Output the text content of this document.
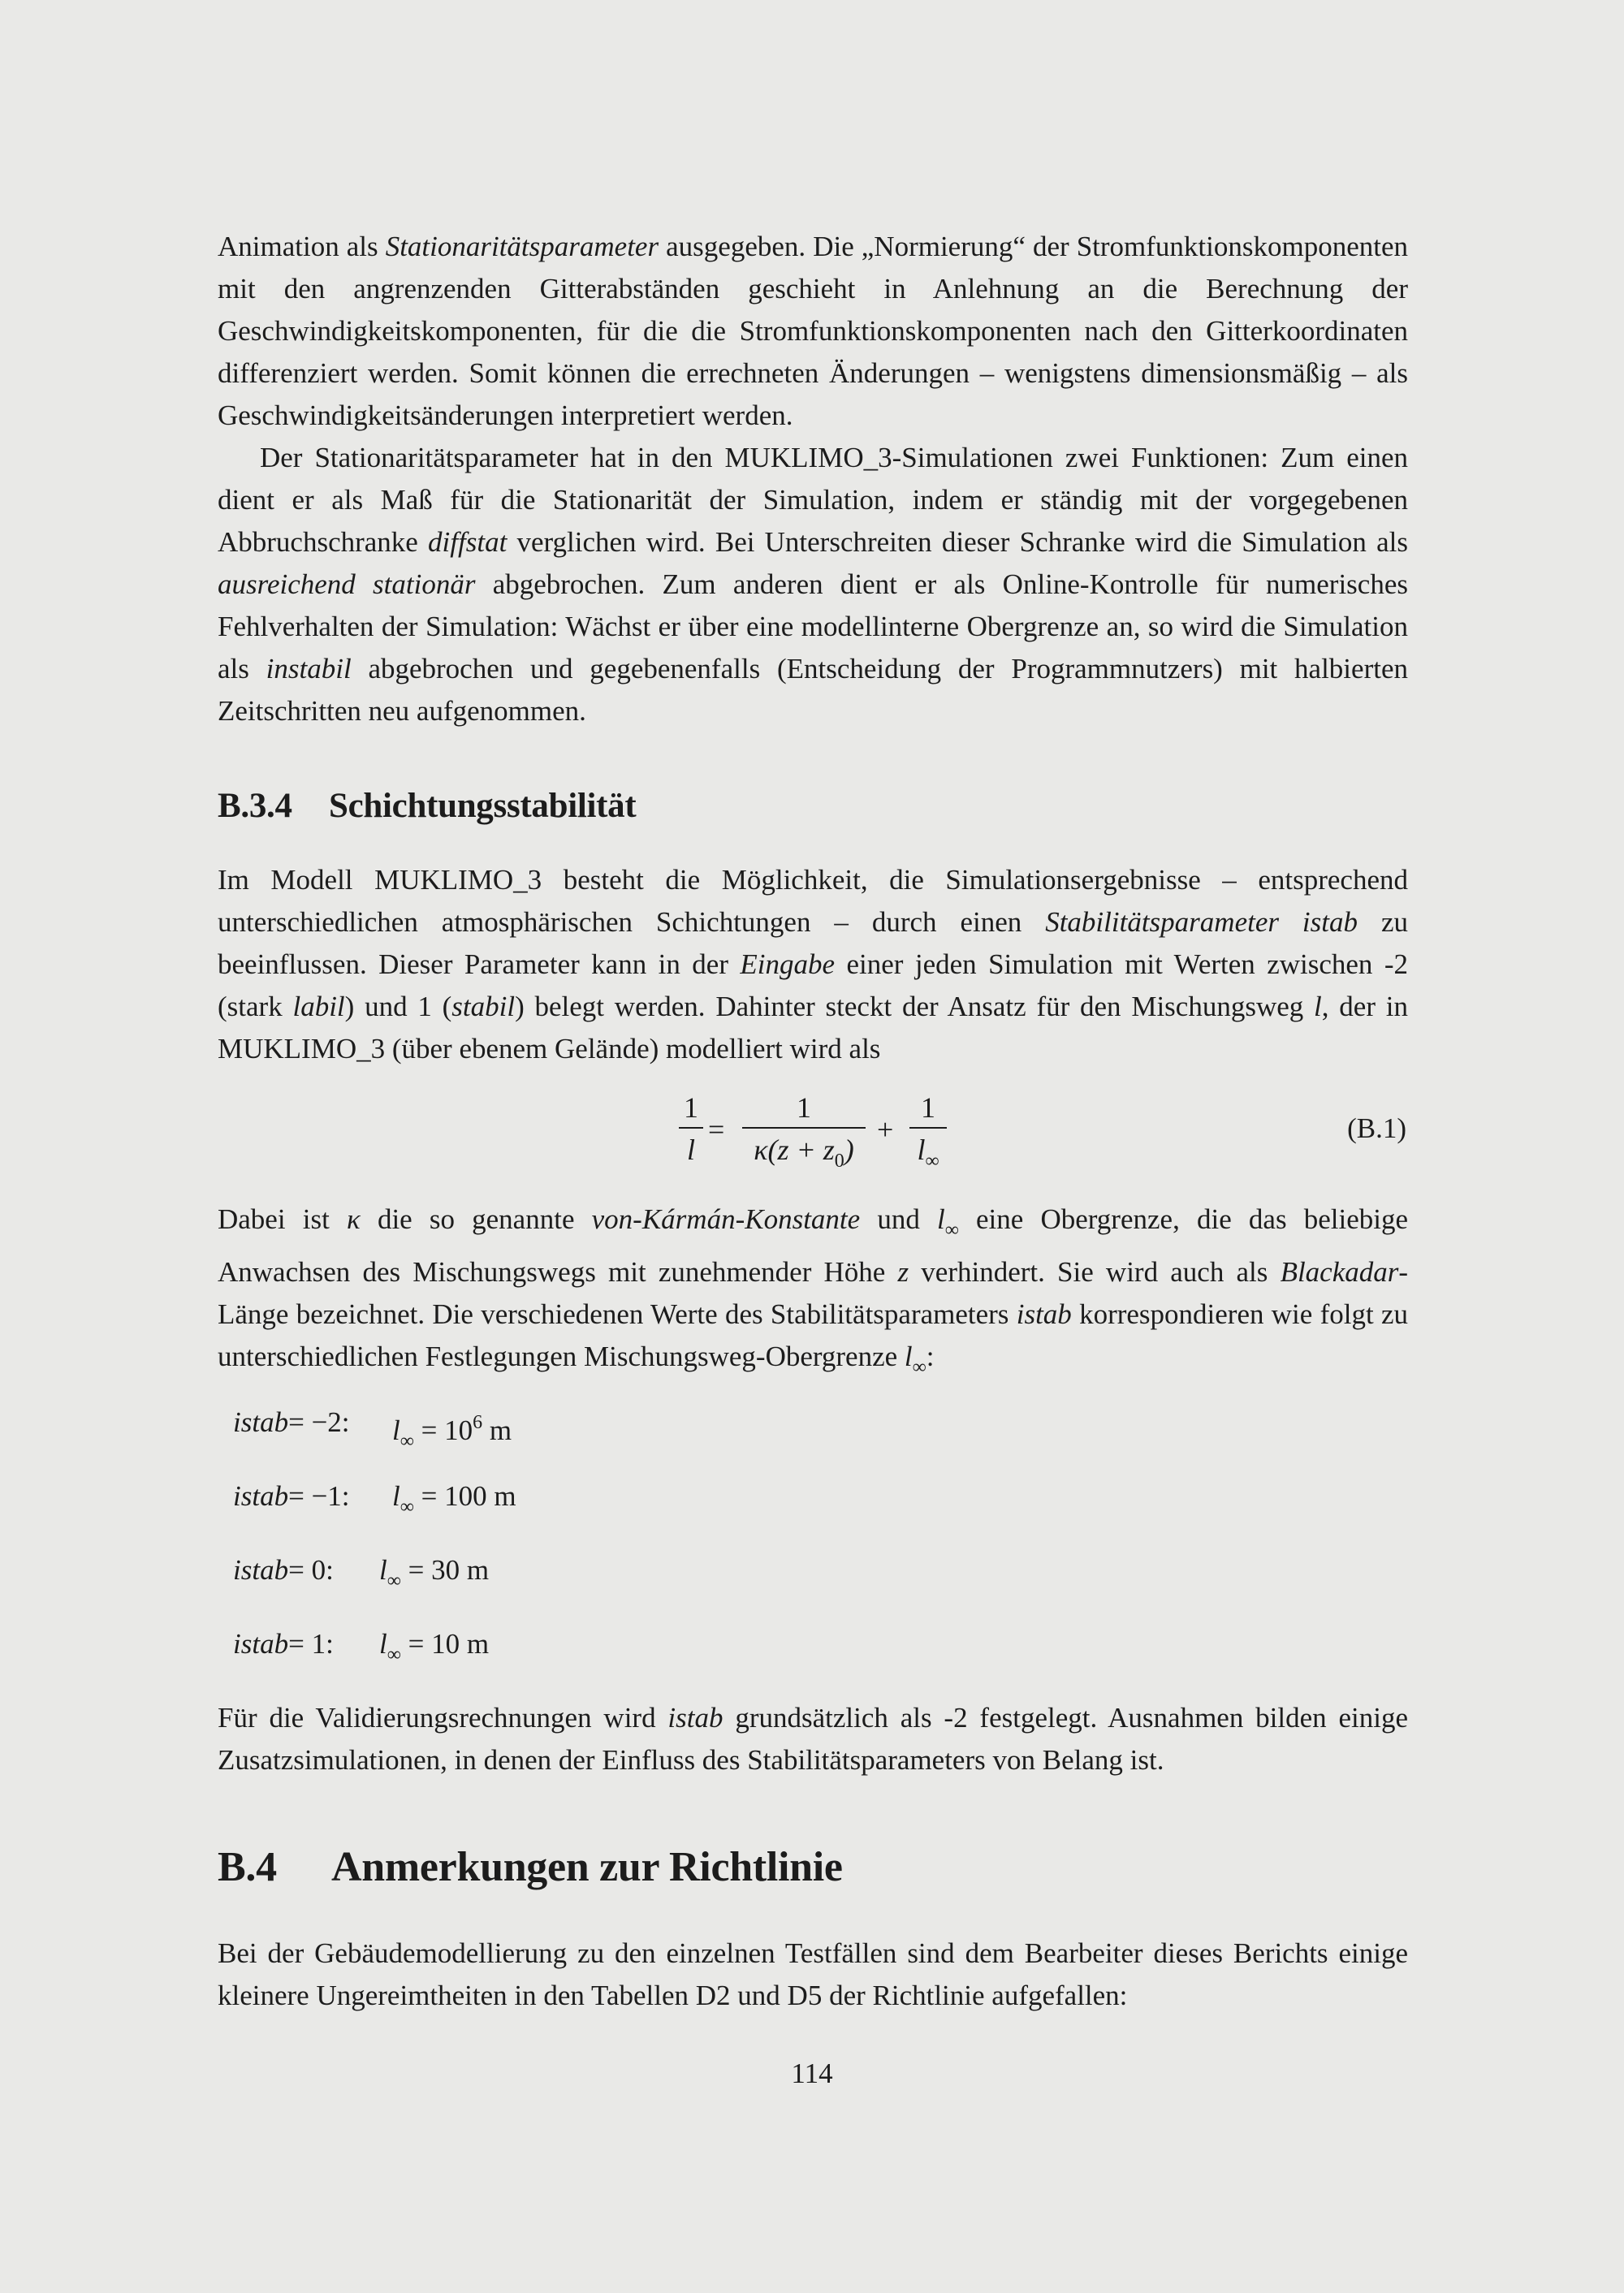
Animation als Stationaritätsparameter ausgegeben. Die „Normierung“ der Stromfunktionskomponenten mit den angrenzenden Gitterabständen geschieht in Anlehnung an die Berechnung der Geschwindigkeitskomponenten, für die die Stromfunktionskomponenten nach den Gitterkoordinaten differenziert werden. Somit können die errechneten Änderungen – wenigstens dimensionsmäßig – als Geschwindigkeitsänderungen interpretiert werden.

Der Stationaritätsparameter hat in den MUKLIMO_3-Simulationen zwei Funktionen: Zum einen dient er als Maß für die Stationarität der Simulation, indem er ständig mit der vorgegebenen Abbruchschranke diffstat verglichen wird. Bei Unterschreiten dieser Schranke wird die Simulation als ausreichend stationär abgebrochen. Zum anderen dient er als Online-Kontrolle für numerisches Fehlverhalten der Simulation: Wächst er über eine modellinterne Obergrenze an, so wird die Simulation als instabil abgebrochen und gegebenenfalls (Entscheidung der Programmnutzers) mit halbierten Zeitschritten neu aufgenommen.

B.3.4 Schichtungsstabilität

Im Modell MUKLIMO_3 besteht die Möglichkeit, die Simulationsergebnisse – entsprechend unterschiedlichen atmosphärischen Schichtungen – durch einen Stabilitätsparameter istab zu beeinflussen. Dieser Parameter kann in der Eingabe einer jeden Simulation mit Werten zwischen -2 (stark labil) und 1 (stabil) belegt werden. Dahinter steckt der Ansatz für den Mischungsweg l, der in MUKLIMO_3 (über ebenem Gelände) modelliert wird als

1
l
=
1
$\kappa(z + z_0)$
+
1
$l_\infty$
(B.1)

Dabei ist κ die so genannte von-Kármán-Konstante und $l_\infty$ eine Obergrenze, die das beliebige Anwachsen des Mischungswegs mit zunehmender Höhe z verhindert. Sie wird auch als Blackadar-Länge bezeichnet. Die verschiedenen Werte des Stabilitätsparameters istab korrespondieren wie folgt zu unterschiedlichen Festlegungen Mischungsweg-Obergrenze $l_\infty$:

istab= −2: $l_\infty = 10^6$ m
istab= −1: $l_\infty = 100$ m
istab= 0: $l_\infty = 30$ m
istab= 1: $l_\infty = 10$ m

Für die Validierungsrechnungen wird istab grundsätzlich als -2 festgelegt. Ausnahmen bilden einige Zusatzsimulationen, in denen der Einfluss des Stabilitätsparameters von Belang ist.

B.4 Anmerkungen zur Richtlinie

Bei der Gebäudemodellierung zu den einzelnen Testfällen sind dem Bearbeiter dieses Berichts einige kleinere Ungereimtheiten in den Tabellen D2 und D5 der Richtlinie aufgefallen:

114
